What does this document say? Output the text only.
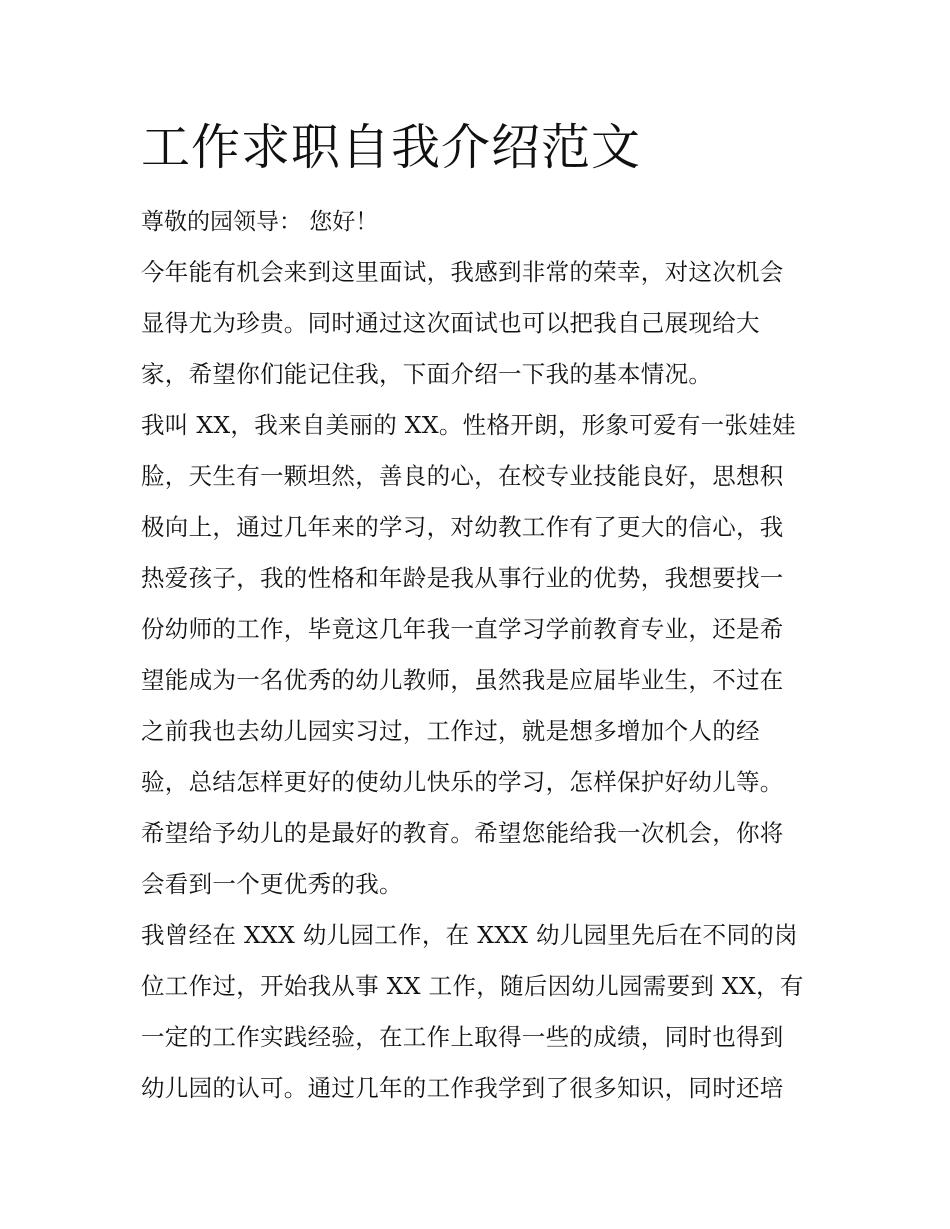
工作求职自我介绍范文
尊敬的园领导： 您好！
今年能有机会来到这里面试，我感到非常的荣幸，对这次机会
显得尤为珍贵。同时通过这次面试也可以把我自己展现给大
家，希望你们能记住我，下面介绍一下我的基本情况。
我叫 XX，我来自美丽的 XX。性格开朗，形象可爱有一张娃娃
脸，天生有一颗坦然，善良的心，在校专业技能良好，思想积
极向上，通过几年来的学习，对幼教工作有了更大的信心，我
热爱孩子，我的性格和年龄是我从事行业的优势，我想要找一
份幼师的工作，毕竟这几年我一直学习学前教育专业，还是希
望能成为一名优秀的幼儿教师，虽然我是应届毕业生，不过在
之前我也去幼儿园实习过，工作过，就是想多增加个人的经
验，总结怎样更好的使幼儿快乐的学习，怎样保护好幼儿等。
希望给予幼儿的是最好的教育。希望您能给我一次机会，你将
会看到一个更优秀的我。
我曾经在 XXX 幼儿园工作，在 XXX 幼儿园里先后在不同的岗
位工作过，开始我从事 XX 工作，随后因幼儿园需要到 XX，有
一定的工作实践经验，在工作上取得一些的成绩，同时也得到
幼儿园的认可。通过几年的工作我学到了很多知识，同时还培
